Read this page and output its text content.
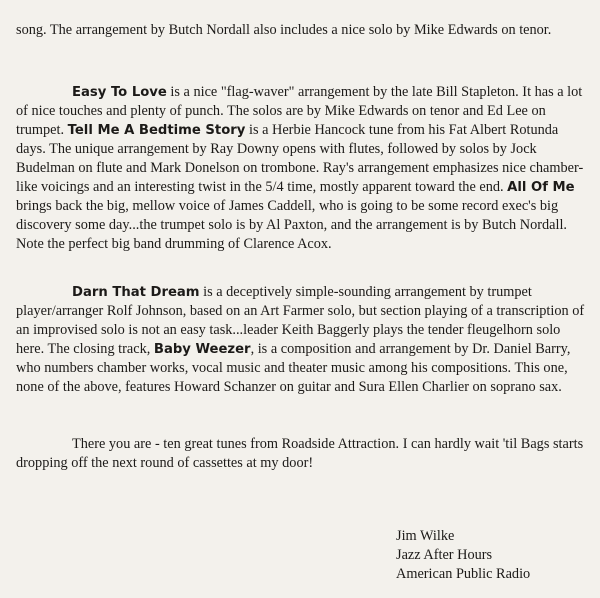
song. The arrangement by Butch Nordall also includes a nice solo by Mike Edwards on tenor.

Easy To Love is a nice "flag-waver" arrangement by the late Bill Stapleton. It has a lot of nice touches and plenty of punch. The solos are by Mike Edwards on tenor and Ed Lee on trumpet. Tell Me A Bedtime Story is a Herbie Hancock tune from his Fat Albert Rotunda days. The unique arrangement by Ray Downy opens with flutes, followed by solos by Jock Budelman on flute and Mark Donelson on trombone. Ray's arrangement emphasizes nice chamber-like voicings and an interesting twist in the 5/4 time, mostly apparent toward the end. All Of Me brings back the big, mellow voice of James Caddell, who is going to be some record exec's big discovery some day...the trumpet solo is by Al Paxton, and the arrangement is by Butch Nordall. Note the perfect big band drumming of Clarence Acox.

Darn That Dream is a deceptively simple-sounding arrangement by trumpet player/arranger Rolf Johnson, based on an Art Farmer solo, but section playing of a transcription of an improvised solo is not an easy task...leader Keith Baggerly plays the tender fleugelhorn solo here. The closing track, Baby Weezer, is a composition and arrangement by Dr. Daniel Barry, who numbers chamber works, vocal music and theater music among his compositions. This one, none of the above, features Howard Schanzer on guitar and Sura Ellen Charlier on soprano sax.

There you are - ten great tunes from Roadside Attraction. I can hardly wait 'til Bags starts dropping off the next round of cassettes at my door!

Jim Wilke
Jazz After Hours
American Public Radio
